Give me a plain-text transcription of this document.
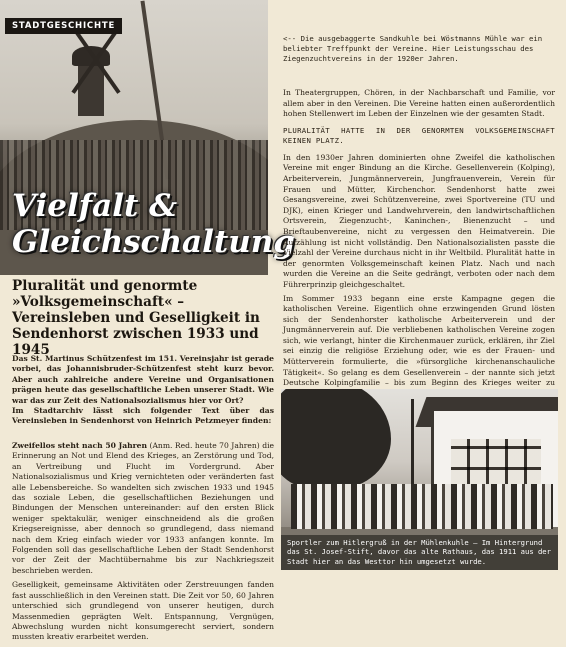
STADTGESCHICHTE
Vielfalt &
Gleichschaltung
<-- Die ausgebaggerte Sandkuhle bei Wöstmanns Mühle war ein beliebter Treffpunkt der Vereine. Hier Leistungsschau des Ziegenzuchtvereins in der 1920er Jahren.

In Theatergruppen, Chören, in der Nachbarschaft und Familie, vor allem aber in den Vereinen. Die Vereine hatten einen außerordentlich hohen Stellenwert im Leben der Einzelnen wie der gesamten Stadt.

PLURALITÄT HATTE IN DER GENORMTEN VOLKSGEMEINSCHAFT KEINEN PLATZ.

In den 1930er Jahren dominierten ohne Zweifel die katholischen Vereine mit enger Bindung an die Kirche. Gesellenverein (Kolping), Arbeiterverein, Jungmännerverein, Jungfrauenverein, Verein für Frauen und Mütter, Kirchenchor. Sendenhorst hatte zwei Gesangsvereine, zwei Schützenvereine, zwei Sportvereine (TU und DJK), einen Krieger und Landwehrverein, den landwirtschaftlichen Ortsverein, Ziegenzucht-, Kaninchen-, Bienenzucht – und Brieftaubenvereine, nicht zu vergessen den Heimatverein. Die Aufzählung ist nicht vollständig. Den Nationalsozialisten passte die Vielzahl der Vereine durchaus nicht in ihr Weltbild. Pluralität hatte in der genormten Volksgemeinschaft keinen Platz. Nach und nach wurden die Vereine an die Seite gedrängt, verboten oder nach dem Führerprinzip gleichgeschaltet.

Im Sommer 1933 begann eine erste Kampagne gegen die katholischen Vereine. Eigentlich ohne erzwingenden Grund lösten sich der Sendenhorster katholische Arbeiterverein und der Jungmännerverein auf. Die verbliebenen katholischen Vereine zogen sich, wie verlangt, hinter die Kirchenmauer zurück, erklären, ihr Ziel sei einzig die religiöse Erziehung oder, wie es der Frauen- und Mütterverein formulierte, die »fürsorgliche kirchenanschauliche Tätigkeit«. So gelang es dem Gesellenverein – der nannte sich jetzt Deutsche Kolpingfamilie – bis zum Beginn des Krieges weiter zu

Pluralität und genormte »Volksgemeinschaft« – Vereinsleben und Geselligkeit in Sendenhorst zwischen 1933 und 1945

Das St. Martinus Schützenfest im 151. Vereinsjahr ist gerade vorbei, das Johannisbruder-Schützenfest steht kurz bevor. Aber auch zahlreiche andere Vereine und Organisationen prägen heute das gesellschaftliche Leben unserer Stadt. Wie war das zur Zeit des Nationalsozialismus hier vor Ort?

Im Stadtarchiv lässt sich folgender Text über das Vereinsleben in Sendenhorst von Heinrich Petzmeyer finden:

Zweifellos steht nach 50 Jahren (Anm. Red. heute 70 Jahren) die Erinnerung an Not und Elend des Krieges, an Zerstörung und Tod, an Vertreibung und Flucht im Vordergrund. Aber Nationalsozialismus und Krieg vernichteten oder veränderten fast alle Lebensbereiche. So wandelten sich zwischen 1933 und 1945 das soziale Leben, die gesellschaftlichen Beziehungen und Bindungen der Menschen untereinander: auf den ersten Blick weniger spektakulär, weniger einschneidend als die großen Kriegsereignisse, aber dennoch so grundlegend, dass niemand nach dem Krieg einfach wieder vor 1933 anfangen konnte. Im Folgenden soll das gesellschaftliche Leben der Stadt Sendenhorst vor der Zeit der Machtübernahme bis zur Nachkriegszeit beschrieben werden.

Geselligkeit, gemeinsame Aktivitäten oder Zerstreuungen fanden fast ausschließlich in den Vereinen statt. Die Zeit vor 50, 60 Jahren unterschied sich grundlegend von unserer heutigen, durch Massenmedien geprägten Welt. Entspannung, Vergnügen, Abwechslung wurden nicht konsumgerecht serviert, sondern mussten kreativ erarbeitet werden.

Sportler zum Hitlergruß in der Mühlenkuhle – Im Hintergrund das St. Josef-Stift, davor das alte Rathaus, das 1911 aus der Stadt hier an das Westtor hin umgesetzt wurde.
